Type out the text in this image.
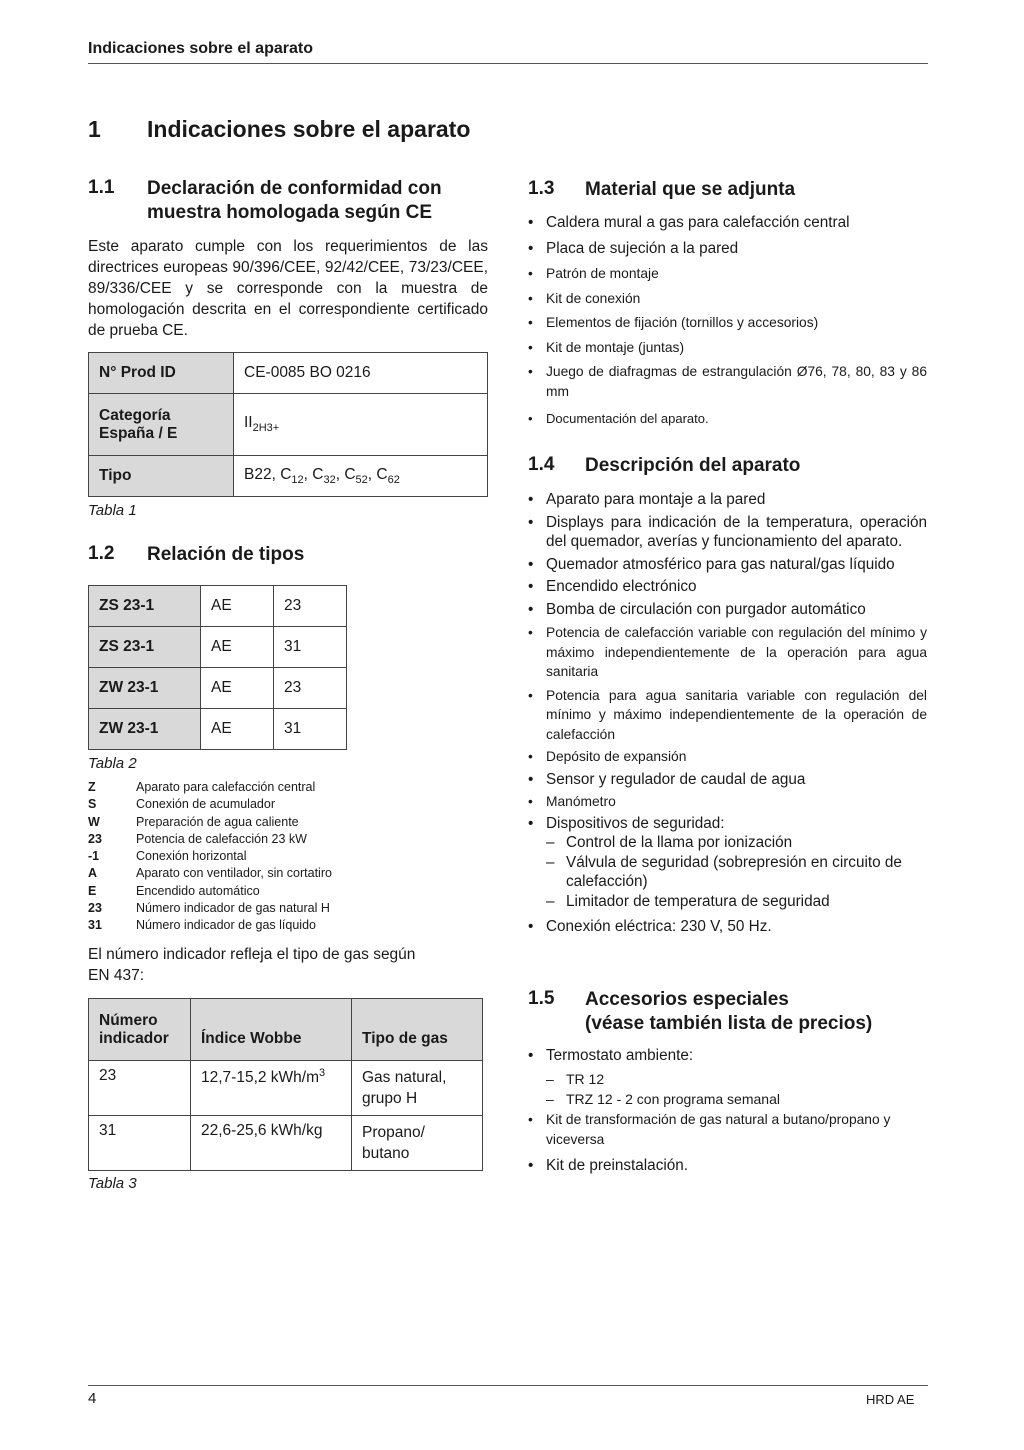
Indicaciones sobre el aparato
1 Indicaciones sobre el aparato
1.1 Declaración de conformidad con
muestra homologada según CE
Este aparato cumple con los requerimientos de las directrices europeas 90/396/CEE, 92/42/CEE, 73/23/CEE, 89/336/CEE y se corresponde con la muestra de homologación descrita en el correspondiente certificado de prueba CE.
N° Prod ID	CE-0085 BO 0216

Categoría
España / E	$II_{2H3+}$
Tipo	B22, $C_{12}$, $C_{32}$, $C_{52}$, $C_{62}$
Tabla 1
1.2 Relación de tipos
ZS 23-1	AE	23
ZS 23-1	AE	31
ZW 23-1	AE	23
ZW 23-1	AE	31
Tabla 2
Z	Aparato para calefacción central
S	Conexión de acumulador
W	Preparación de agua caliente
23	Potencia de calefacción 23 kW
-1	Conexión horizontal
A	Aparato con ventilador, sin cortatiro
E	Encendido automático
23	Número indicador de gas natural H
31	Número indicador de gas líquido
El número indicador refleja el tipo de gas según
EN 437:
Número
indicador	Índice Wobbe	Tipo de gas
23	12,7-15,2 kWh/$m^3$	Gas natural,
grupo H

31	22,6-25,6 kWh/kg	Propano/
butano
Tabla 3
1.3 Material que se adjunta
• Caldera mural a gas para calefacción central
• Placa de sujeción a la pared
• Patrón de montaje
• Kit de conexión
• Elementos de fijación (tornillos y accesorios)
• Kit de montaje (juntas)
• Juego de diafragmas de estrangulación Ø76, 78, 80, 83 y 86 mm
• Documentación del aparato.
1.4 Descripción del aparato
• Aparato para montaje a la pared
• Displays para indicación de la temperatura, operación del quemador, averías y funcionamiento del aparato.
• Quemador atmosférico para gas natural/gas líquido
• Encendido electrónico
• Bomba de circulación con purgador automático
• Potencia de calefacción variable con regulación del mínimo y máximo independientemente de la operación para agua sanitaria
• Potencia para agua sanitaria variable con regulación del mínimo y máximo independientemente de la operación de calefacción
• Depósito de expansión
• Sensor y regulador de caudal de agua
• Manómetro
• Dispositivos de seguridad:
– Control de la llama por ionización
– Válvula de seguridad (sobrepresión en circuito de calefacción)
– Limitador de temperatura de seguridad
• Conexión eléctrica: 230 V, 50 Hz.
1.5 Accesorios especiales
(véase también lista de precios)
• Termostato ambiente:
– TR 12
– TRZ 12 - 2 con programa semanal
• Kit de transformación de gas natural a butano/propano y viceversa
• Kit de preinstalación.
4	HRD AE
